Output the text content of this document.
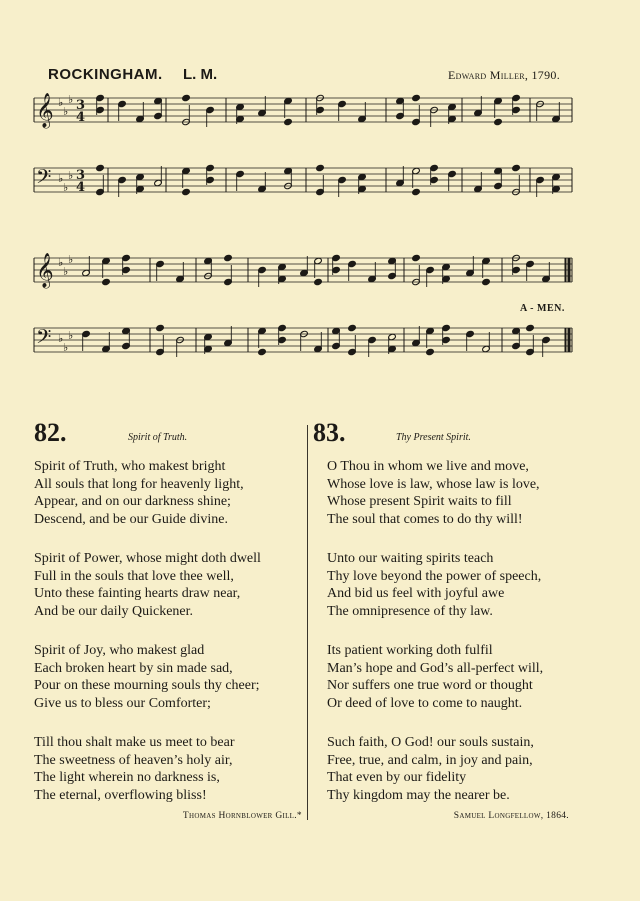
ROCKINGHAM. L. M.	Edward Miller, 1790.
𝄞 ♭
♭
♭ 3
4
𝄢 ♭
♭
♭ 3
4
𝄞 ♭
♭
♭
𝄢 ♭
♭
♭
A - MEN.
82.	Spirit of Truth.
Spirit of Truth, who makest bright
All souls that long for heavenly light,
Appear, and on our darkness shine;
Descend, and be our Guide divine.
Spirit of Power, whose might doth dwell
Full in the souls that love thee well,
Unto these fainting hearts draw near,
And be our daily Quickener.
Spirit of Joy, who makest glad
Each broken heart by sin made sad,
Pour on these mourning souls thy cheer;
Give us to bless our Comforter;
Till thou shalt make us meet to bear
The sweetness of heaven’s holy air,
The light wherein no darkness is,
The eternal, overflowing bliss!
Thomas Hornblower Gill.*
83.	Thy Present Spirit.
O Thou in whom we live and move,
Whose love is law, whose law is love,
Whose present Spirit waits to fill
The soul that comes to do thy will!
Unto our waiting spirits teach
Thy love beyond the power of speech,
And bid us feel with joyful awe
The omnipresence of thy law.
Its patient working doth fulfil
Man’s hope and God’s all-perfect will,
Nor suffers one true word or thought
Or deed of love to come to naught.
Such faith, O God! our souls sustain,
Free, true, and calm, in joy and pain,
That even by our fidelity
Thy kingdom may the nearer be.
Samuel Longfellow, 1864.
